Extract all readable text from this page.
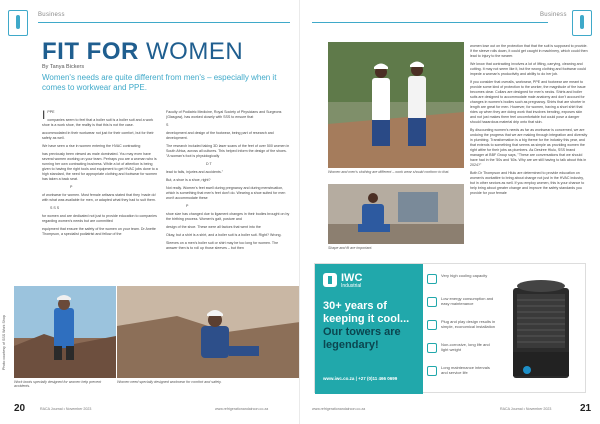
Business
FIT FOR WOMEN
By Tanya Bickers
Women's needs are quite different from men's – especially when it comes to workwear and PPE.

IPPE

companies seem to feel that a boiler suit is a boiler suit and a work shoe is a work shoe, the reality is that this is not the case.

accommodated in their workwear not just for their comfort, but for their safety as well.

We have seen a rise in women entering the HVAC contracting

has previously been viewed as male dominated. You may even have several women working on your team. Perhaps you are a woman who is running her own contracting business. While a lot of attention is being given to having the right tools and equipment to get HVAC jobs done to a high standard, the need for appropriate clothing and footwear for women has taken a back seat.

P

of workwear for women. Most female artisans stated that they 'made do' with what was available for men, or adapted what they had to suit them.

S S S

for women and are dedicated not just to provide education to companies regarding women's needs but are committed

equipment that ensure the safety of the women on your team. Dr Anette Thompson, a specialist podiatrist and fellow of the

Faculty of Podiatric Medicine, Royal Society of Physicians and Surgeons (Glasgow), has worked closely with SSS to ensure that

S

development and design of the footwear, being part of research and development.

The research included taking 3D laser scans of the feet of over 500 women in South Africa, across all cultures. This helped inform the design of the shoes. "A woman's foot is physiologically

D T

lead to falls, injuries and accidents."

But, a shoe is a shoe, right?

Not really. Women's feet swell during pregnancy and during menstruation, which is something that men's feet don't do. Wearing a shoe suited for men won't accommodate these

P

shoe size has changed due to ligament changes in their bodies brought on by the birthing process. Women's gait, posture and

design of the shoe. These were all factors that went into the

Okay, but a shirt is a shirt, and a boiler suit is a boiler suit. Right? Wrong.

Sleeves on a men's boiler suit or shirt may be too long for women. The answer then is to roll up those sleeves – but then

Work boots specially designed for women help prevent accidents.
Women need specially designed workwear for comfort and safety.
Photo courtesy of SSS Work Shop
20	RACA Journal • November 2023	www.refrigerationandaircon.co.za
Business
Women and men's clothing are different – work wear should conform to that.
Shape and fit are important.

women lose out on the protection that that the suit is supposed to provide. If the sleeve rolls down, it could get caught in machinery, which could then lead to injury to the wearer.

We know that contracting involves a lot of lifting, carrying, cleaning and cutting. It may not seem like it, but the wrong clothing and footwear could impede a woman's productivity and ability to do her job.

If you consider that overalls, workwear, PPE and footwear are meant to provide some kind of protection to the worker, the magnitude of the issue becomes clear. Collars are designed for men's necks. Shirts and boiler suits are designed to accommodate male anatomy and don't account for changes in women's bodies such as pregnancy. Shirts that are shorter in length are great for men. However, for women, having a short shirt that rides up when they are doing work that involves bending, exposes skin and not just makes them feel uncomfortable but could pose a danger should hazardous material drip onto that skin.

By discounting women's needs as far as workwear is concerned, we are undoing the progress that we are making through integration and diversity in plumbing. Transformation is a big theme for the industry this year, and that extends to something that seems as simple as providing women the right attire for their jobs as plumbers. As Desiree Hlulu, SSS brand manager at BBF Group says, "These are conversations that we should have had in the '50s and '60s. Why are we still having to talk about this in 2024?"

Both Dr Thompson and Hlulu are determined to provide education on women's workattire to bring about change not just in the HVAC industry, but in other sectors as well. If you employ women, this is your chance to help bring about greater change and improve the safety standards you provide for your female

www.refrigerationandaircon.co.za	RACA Journal • November 2023	21
IWC
Industrial
30+ years of keeping it cool...
Our towers are legendary!
www.iwc.co.za | +27 (0)11 466 0699
Very high cooling capacity
Low energy consumption and easy maintenance
Plug and play design results in simple, economical installation
Non-corrosive, long life and light weight
Long maintenance intervals and service life
